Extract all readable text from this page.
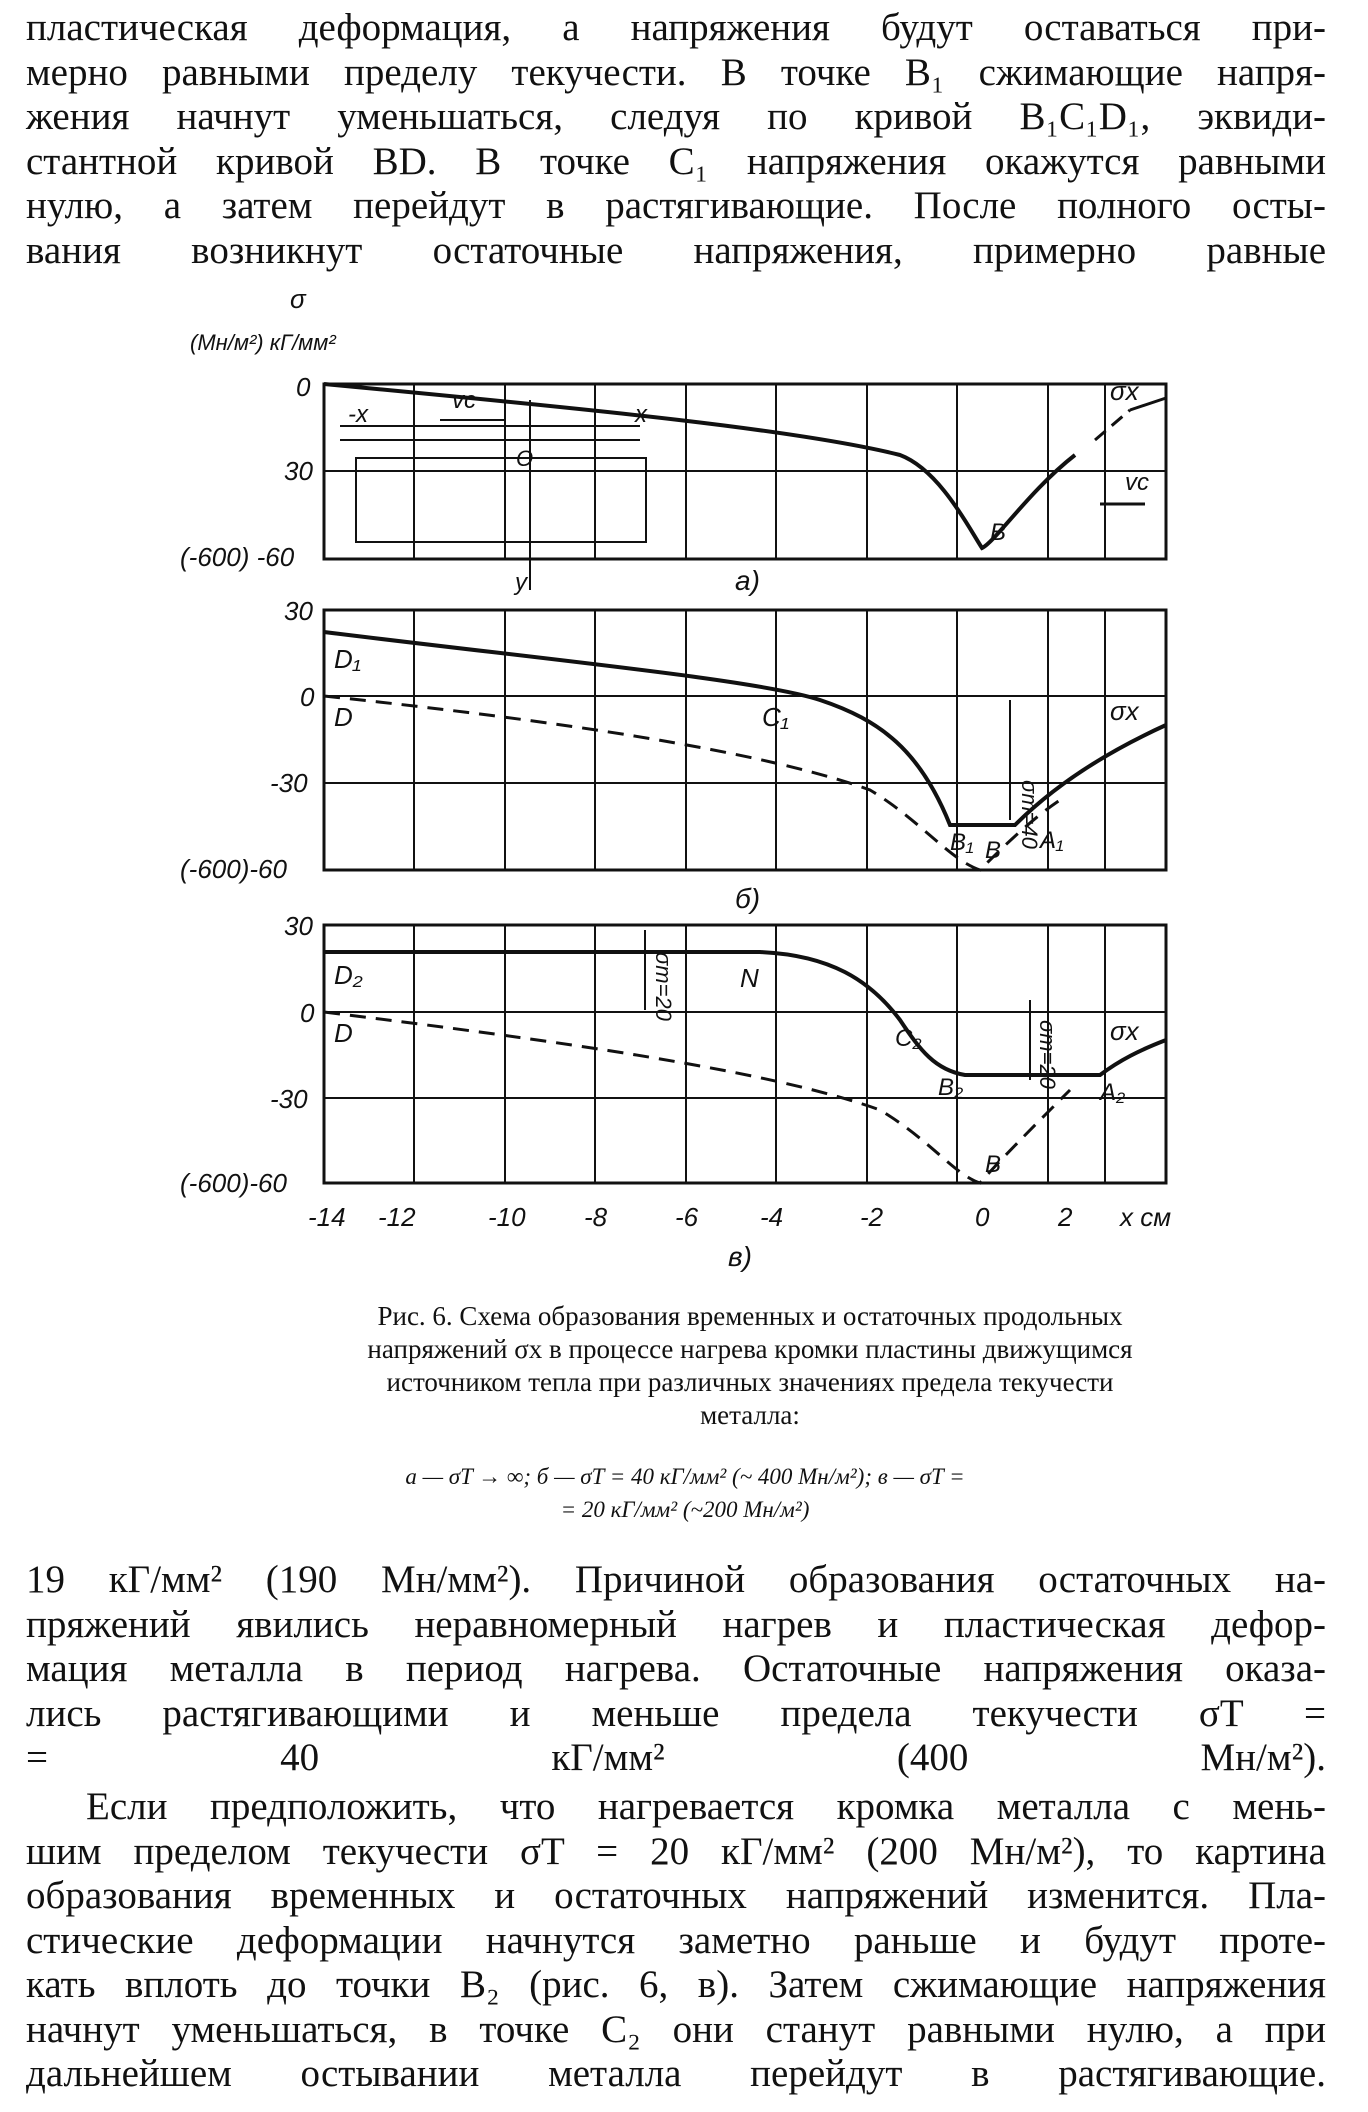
пластическая деформация, а напряжения будут оставаться при-
мерно равными пределу текучести. В точке B₁ сжимающие напря-
жения начнут уменьшаться, следуя по кривой B₁C₁D₁, эквиди-
стантной кривой BD. В точке C₁ напряжения окажутся равными
нулю, а затем перейдут в растягивающие. После полного осты-
вания возникнут остаточные напряжения, примерно равные
σ
(Мн/м²) кГ/мм²
0
30
(-600) -60
а)
B
σx
vc
vc
-x	x
O
y
30
0
-30
(-600)-60
б)
D₁
D	C₁
B₁ B A₁
σx
σт=40
30
0
-30
(-600)-60
D₂
D
N
C₂
B₂
B
A₂
σx
σт=20
σт=20
-14 -12	-10 -8	-6 -4	-2	0	2 х см
в)
Рис. 6. Схема образования временных и остаточных продольных напряжений σx в процессе нагрева кромки пластины движущимся источником тепла при различных значениях предела текучести металла:
а — σT → ∞; б — σT = 40 кГ/мм² (~ 400 Мн/м²); в — σT =
= 20 кГ/мм² (~200 Мн/м²)
19 кГ/мм² (190 Мн/мм²). Причиной образования остаточных на-
пряжений явились неравномерный нагрев и пластическая дефор-
мация металла в период нагрева. Остаточные напряжения оказа-
лись растягивающими и меньше предела текучести σT =
= 40 кГ/мм² (400 Мн/м²).
Если предположить, что нагревается кромка металла с мень-
шим пределом текучести σT = 20 кГ/мм² (200 Мн/м²), то картина
образования временных и остаточных напряжений изменится. Пла-
стические деформации начнутся заметно раньше и будут проте-
кать вплоть до точки B₂ (рис. 6, в). Затем сжимающие напряжения
начнут уменьшаться, в точке C₂ они станут равными нулю, а при
дальнейшем остывании металла перейдут в растягивающие.
